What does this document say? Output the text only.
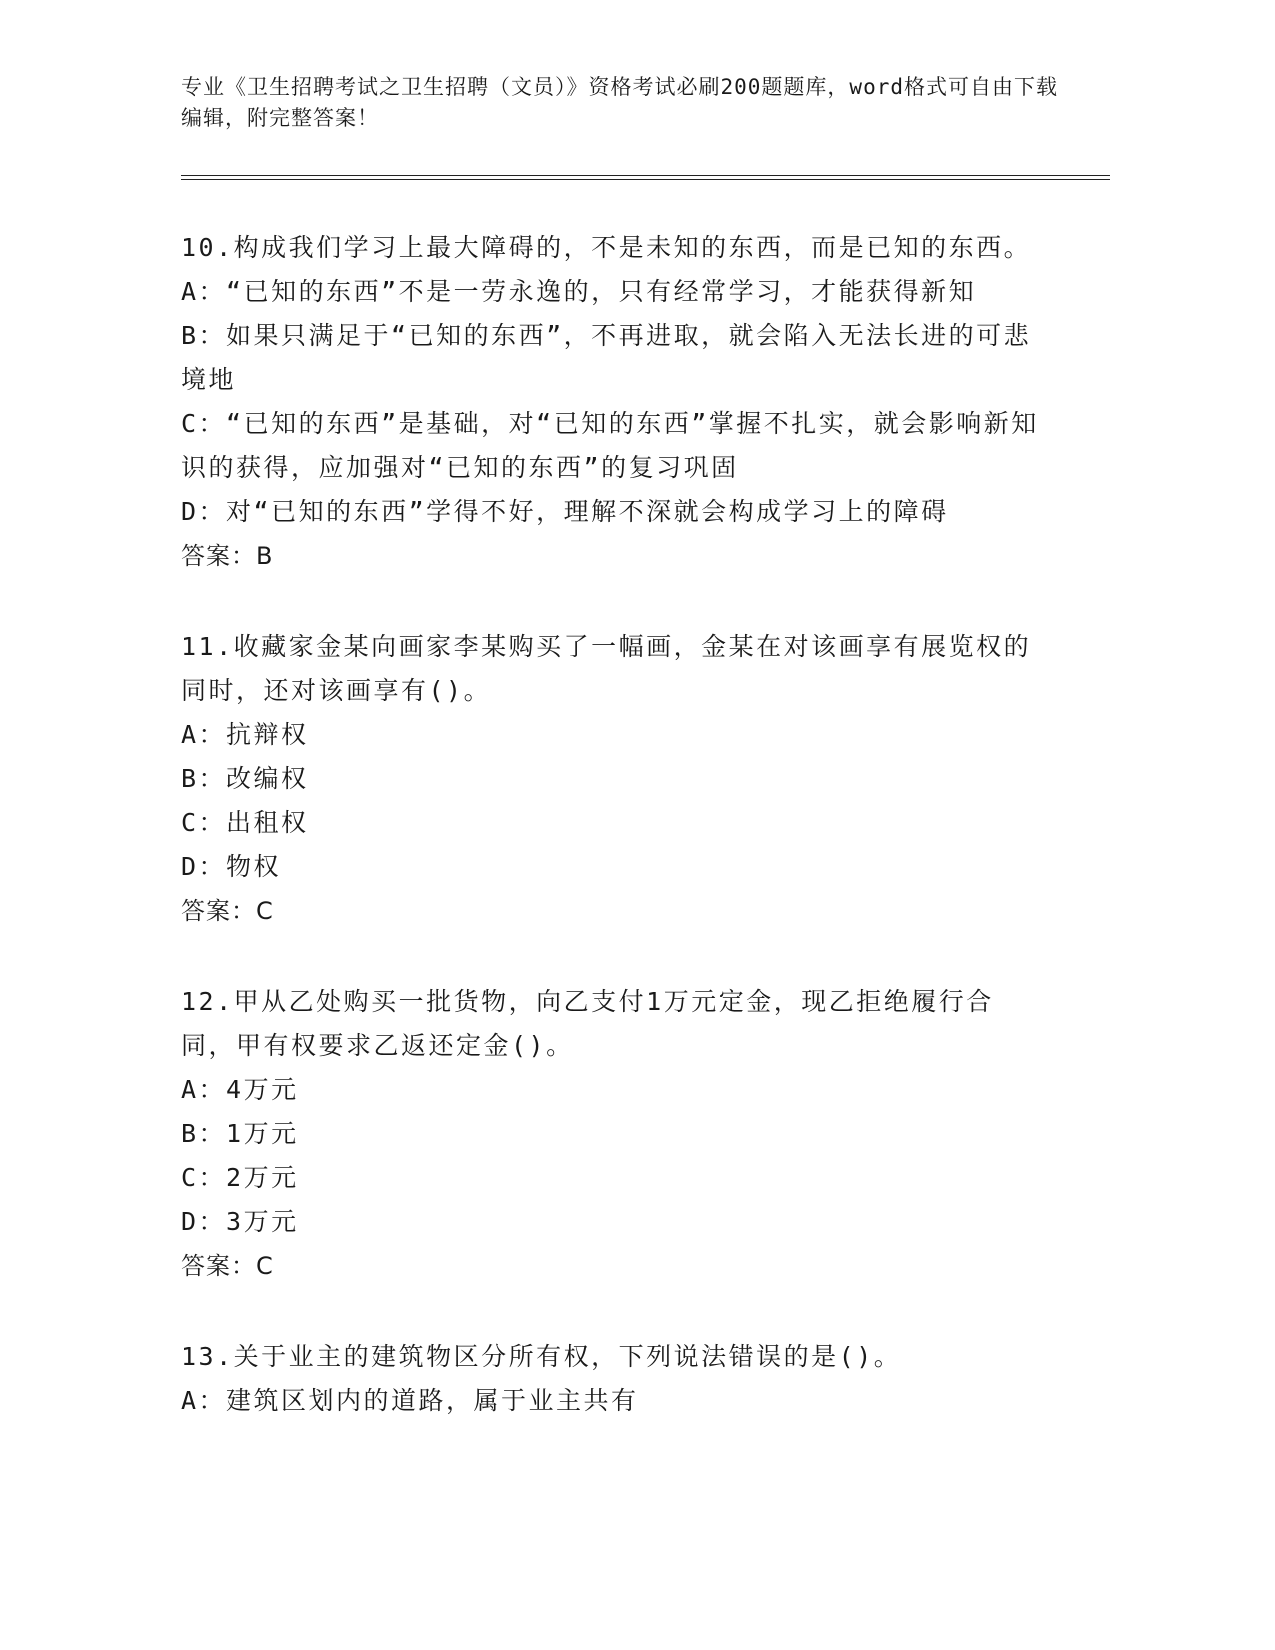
专业《卫生招聘考试之卫生招聘（文员）》资格考试必刷200题题库，word格式可自由下载编辑，附完整答案！
10.构成我们学习上最大障碍的，不是未知的东西，而是已知的东西。
A：“已知的东西”不是一劳永逸的，只有经常学习，才能获得新知
B：如果只满足于“已知的东西”，不再进取，就会陷入无法长进的可悲境地
C：“已知的东西”是基础，对“已知的东西”掌握不扎实，就会影响新知识的获得，应加强对“已知的东西”的复习巩固
D：对“已知的东西”学得不好，理解不深就会构成学习上的障碍
答案：B
11.收藏家金某向画家李某购买了一幅画，金某在对该画享有展览权的同时，还对该画享有()。
A：抗辩权
B：改编权
C：出租权
D：物权
答案：C
12.甲从乙处购买一批货物，向乙支付1万元定金，现乙拒绝履行合同，甲有权要求乙返还定金()。
A：4万元
B：1万元
C：2万元
D：3万元
答案：C
13.关于业主的建筑物区分所有权，下列说法错误的是()。
A：建筑区划内的道路，属于业主共有
